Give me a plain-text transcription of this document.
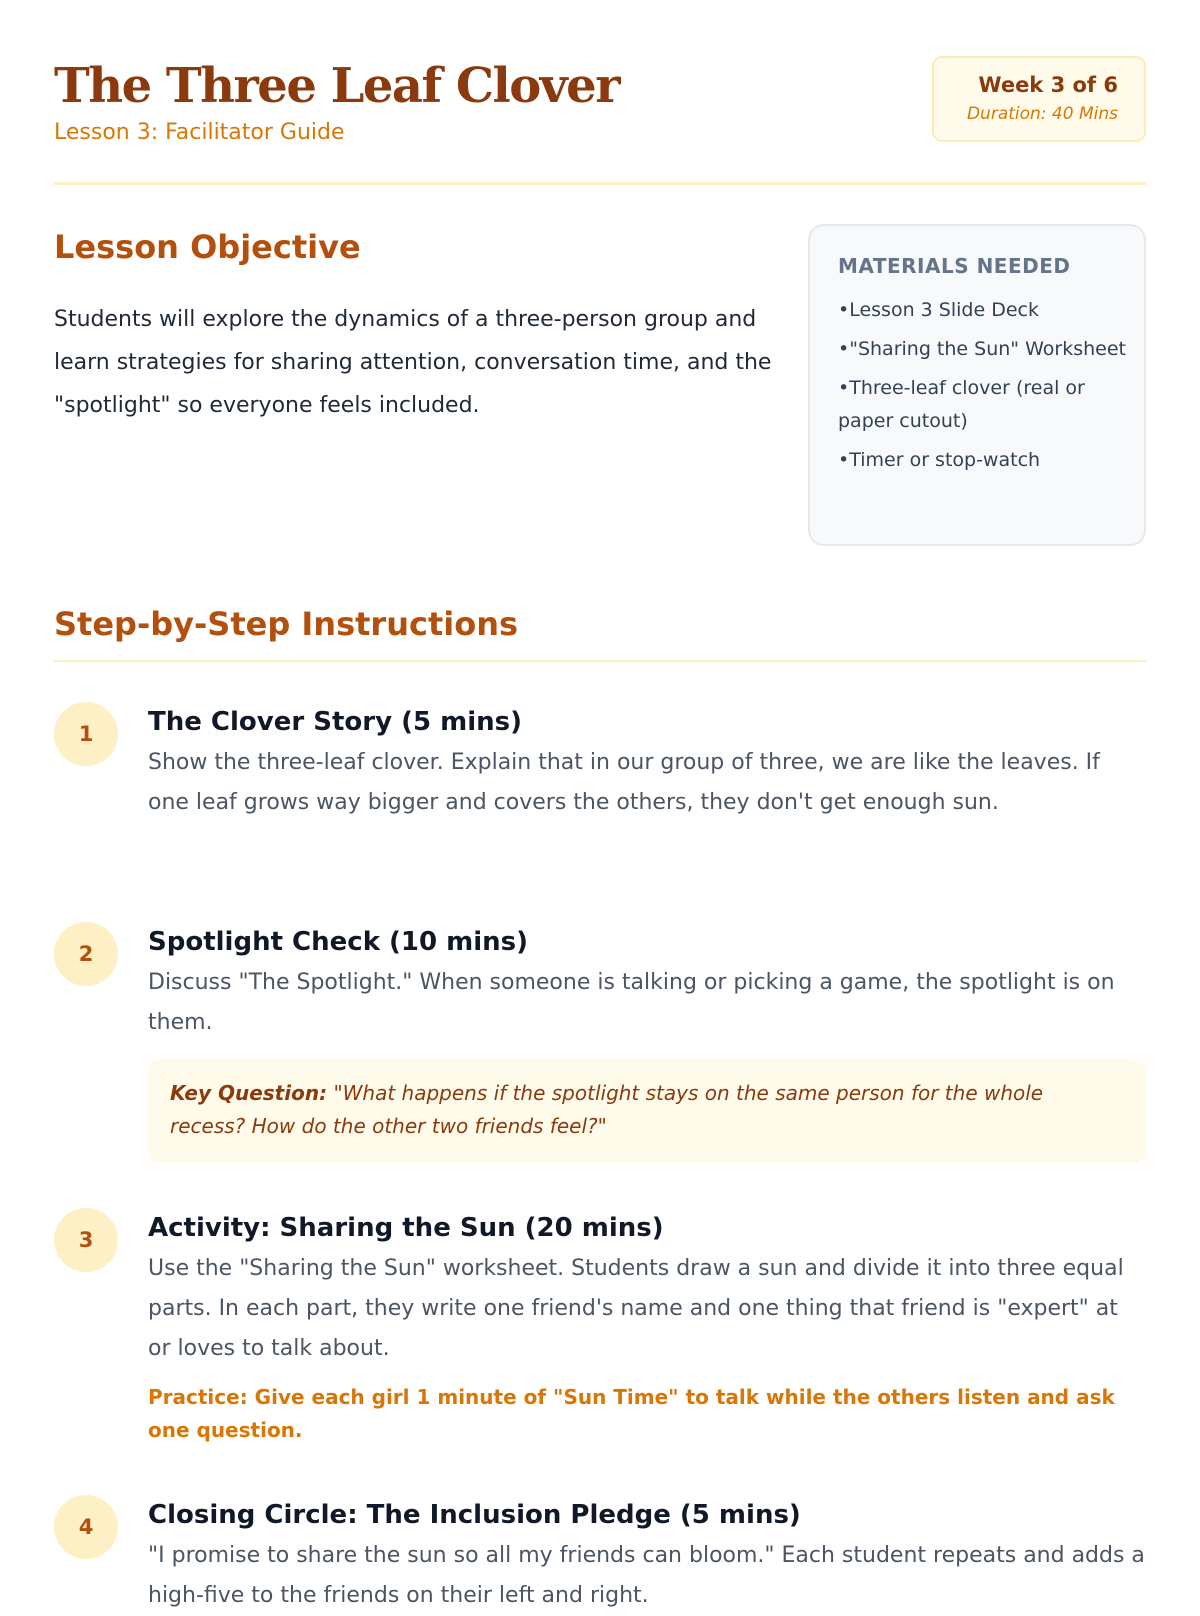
The Three Leaf Clover
Lesson 3: Facilitator Guide
Week 3 of 6
Duration: 40 Mins
Lesson Objective

Students will explore the dynamics of a three-person group and learn strategies for sharing attention, conversation time, and the "spotlight" so everyone feels included.

MATERIALS NEEDED
• Lesson 3 Slide Deck
• "Sharing the Sun" Worksheet
• Three-leaf clover (real or paper cutout)
• Timer or stop-watch
Step-by-Step Instructions
1	The Clover Story (5 mins)

Show the three-leaf clover. Explain that in our group of three, we are like the leaves. If one leaf grows way bigger and covers the others, they don't get enough sun.

2	Spotlight Check (10 mins)

Discuss "The Spotlight." When someone is talking or picking a game, the spotlight is on them.

Key Question: "What happens if the spotlight stays on the same person for the whole recess? How do the other two friends feel?"
3	Activity: Sharing the Sun (20 mins)

Use the "Sharing the Sun" worksheet. Students draw a sun and divide it into three equal parts. In each part, they write one friend's name and one thing that friend is "expert" at or loves to talk about.

Practice: Give each girl 1 minute of "Sun Time" to talk while the others listen and ask one question.
4	Closing Circle: The Inclusion Pledge (5 mins)

"I promise to share the sun so all my friends can bloom." Each student repeats and adds a high-five to the friends on their left and right.
